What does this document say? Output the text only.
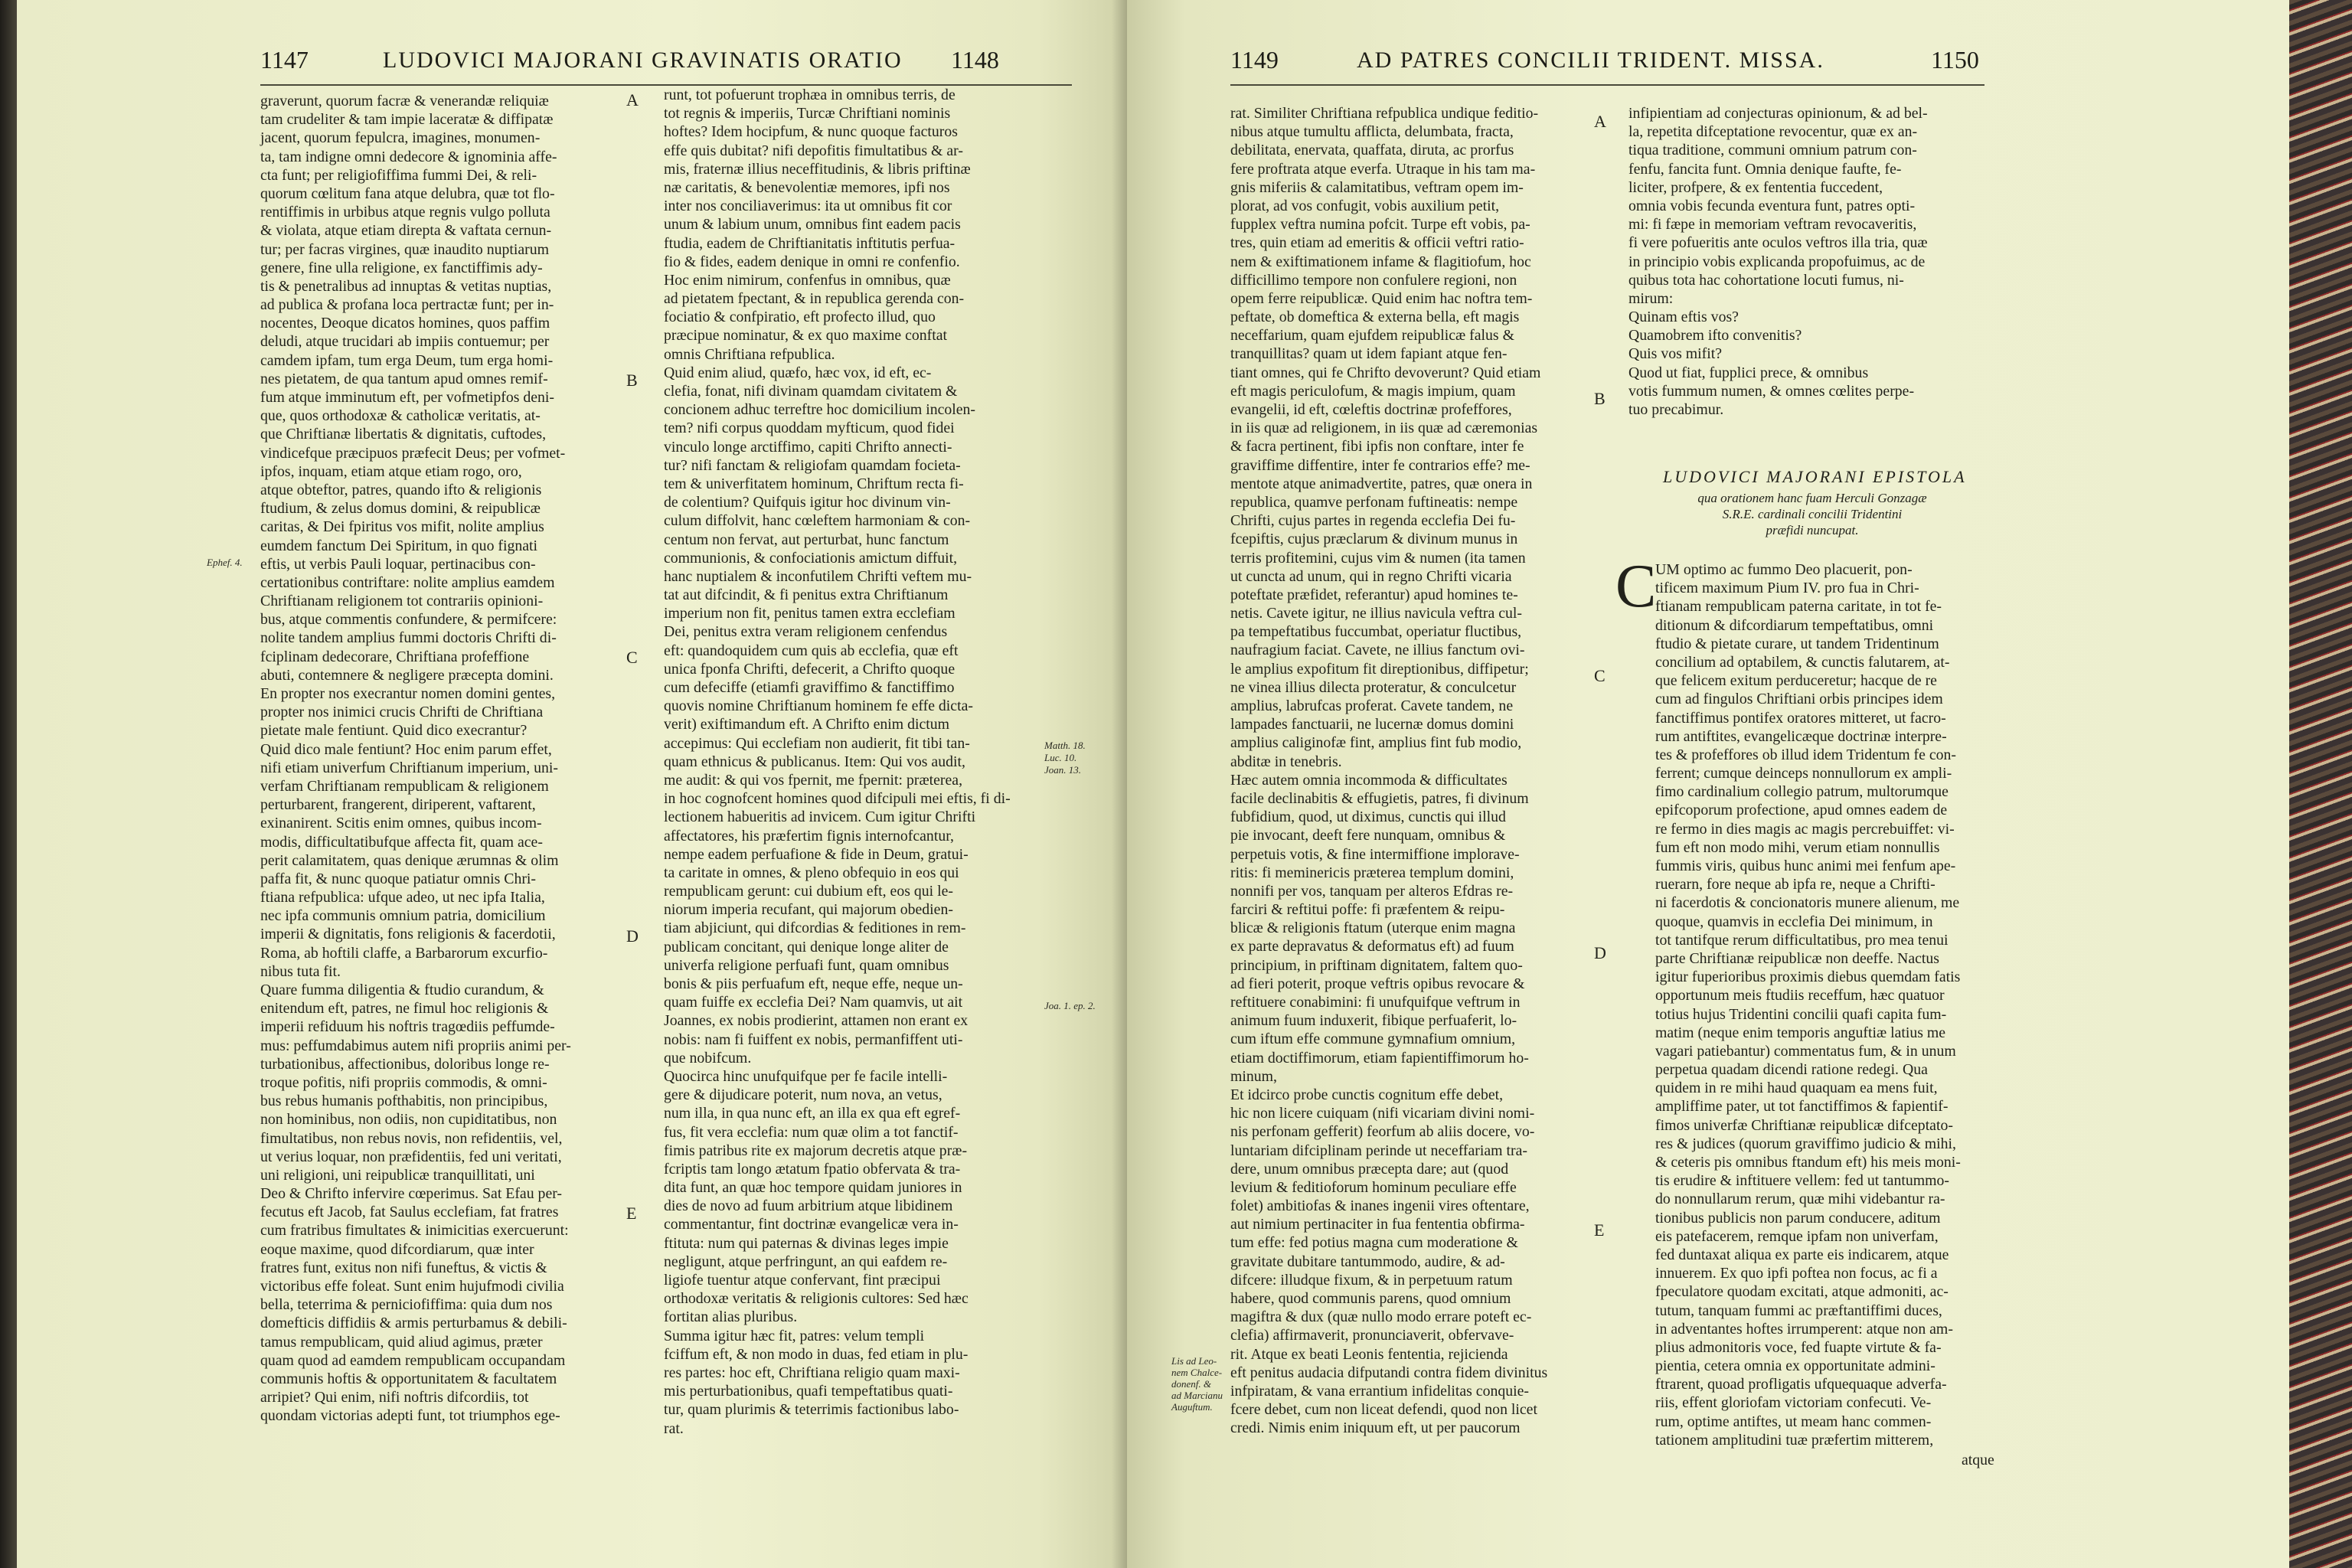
1147	LUDOVICI MAJORANI GRAVINATIS ORATIO 1148
graverunt, quorum facræ & venerandæ reliquiæ
tam crudeliter & tam impie laceratæ & diffipatæ
jacent, quorum fepulcra, imagines, monumen-
ta, tam indigne omni dedecore & ignominia affe-
cta funt; per religiofiffima fummi Dei, & reli-
quorum cœlitum fana atque delubra, quæ tot flo-
rentiffimis in urbibus atque regnis vulgo polluta
& violata, atque etiam direpta & vaftata cernun-
tur; per facras virgines, quæ inaudito nuptiarum
genere, fine ulla religione, ex fanctiffimis ady-
tis & penetralibus ad innuptas & vetitas nuptias,
ad publica & profana loca pertractæ funt; per in-
nocentes, Deoque dicatos homines, quos paffim
deludi, atque trucidari ab impiis contuemur; per
camdem ipfam, tum erga Deum, tum erga homi-
nes pietatem, de qua tantum apud omnes remif-
fum atque imminutum eft, per vofmetipfos deni-
que, quos orthodoxæ & catholicæ veritatis, at-
que Chriftianæ libertatis & dignitatis, cuftodes,
vindicefque præcipuos præfecit Deus; per vofmet-
ipfos, inquam, etiam atque etiam rogo, oro,
atque obteftor, patres, quando ifto & religionis
ftudium, & zelus domus domini, & reipublicæ
caritas, & Dei fpiritus vos mifit, nolite amplius
eumdem fanctum Dei Spiritum, in quo fignati
eftis, ut verbis Pauli loquar, pertinacibus con-
certationibus contriftare: nolite amplius eamdem
Chriftianam religionem tot contrariis opinioni-
bus, atque commentis confundere, & permifcere:
nolite tandem amplius fummi doctoris Chrifti di-
fciplinam dedecorare, Chriftiana profeffione
abuti, contemnere & negligere præcepta domini.
En propter nos execrantur nomen domini gentes,
propter nos inimici crucis Chrifti de Chriftiana
pietate male fentiunt. Quid dico execrantur?
Quid dico male fentiunt? Hoc enim parum effet,
nifi etiam univerfum Chriftianum imperium, uni-
verfam Chriftianam rempublicam & religionem
perturbarent, frangerent, diriperent, vaftarent,
exinanirent. Scitis enim omnes, quibus incom-
modis, difficultatibufque affecta fit, quam ace-
perit calamitatem, quas denique ærumnas & olim
paffa fit, & nunc quoque patiatur omnis Chri-
ftiana refpublica: ufque adeo, ut nec ipfa Italia,
nec ipfa communis omnium patria, domicilium
imperii & dignitatis, fons religionis & facerdotii,
Roma, ab hoftili claffe, a Barbarorum excurfio-
nibus tuta fit.
Quare fumma diligentia & ftudio curandum, &
enitendum eft, patres, ne fimul hoc religionis &
imperii refiduum his noftris tragœdiis peffumde-
mus: peffumdabimus autem nifi propriis animi per-
turbationibus, affectionibus, doloribus longe re-
troque pofitis, nifi propriis commodis, & omni-
bus rebus humanis pofthabitis, non principibus,
non hominibus, non odiis, non cupiditatibus, non
fimultatibus, non rebus novis, non refidentiis, vel,
ut verius loquar, non præfidentiis, fed uni veritati,
uni religioni, uni reipublicæ tranquillitati, uni
Deo & Chrifto infervire cœperimus. Sat Efau per-
fecutus eft Jacob, fat Saulus ecclefiam, fat fratres
cum fratribus fimultates & inimicitias exercuerunt:
eoque maxime, quod difcordiarum, quæ inter
fratres funt, exitus non nifi funeftus, & victis &
victoribus effe foleat. Sunt enim hujufmodi civilia
bella, teterrima & perniciofiffima: quia dum nos
domefticis diffidiis & armis perturbamus & debili-
tamus rempublicam, quid aliud agimus, præter
quam quod ad eamdem rempublicam occupandam
communis hoftis & opportunitatem & facultatem
arripiet? Qui enim, nifi noftris difcordiis, tot
quondam victorias adepti funt, tot triumphos ege-
runt, tot pofuerunt trophæa in omnibus terris, de
tot regnis & imperiis, Turcæ Chriftiani nominis
hoftes? Idem hocipfum, & nunc quoque facturos
effe quis dubitat? nifi depofitis fimultatibus & ar-
mis, fraternæ illius neceffitudinis, & libris priftinæ
næ caritatis, & benevolentiæ memores, ipfi nos
inter nos conciliaverimus: ita ut omnibus fit cor
unum & labium unum, omnibus fint eadem pacis
ftudia, eadem de Chriftianitatis inftitutis perfua-
fio & fides, eadem denique in omni re confenfio.
Hoc enim nimirum, confenfus in omnibus, quæ
ad pietatem fpectant, & in republica gerenda con-
fociatio & confpiratio, eft profecto illud, quo
præcipue nominatur, & ex quo maxime conftat
omnis Chriftiana refpublica.
Quid enim aliud, quæfo, hæc vox, id eft, ec-
clefia, fonat, nifi divinam quamdam civitatem &
concionem adhuc terreftre hoc domicilium incolen-
tem? nifi corpus quoddam myfticum, quod fidei
vinculo longe arctiffimo, capiti Chrifto annecti-
tur? nifi fanctam & religiofam quamdam focieta-
tem & univerfitatem hominum, Chriftum recta fi-
de colentium? Quifquis igitur hoc divinum vin-
culum diffolvit, hanc cœleftem harmoniam & con-
centum non fervat, aut perturbat, hunc fanctum
communionis, & confociationis amictum diffuit,
hanc nuptialem & inconfutilem Chrifti veftem mu-
tat aut difcindit, & fi penitus extra Chriftianum
imperium non fit, penitus tamen extra ecclefiam
Dei, penitus extra veram religionem cenfendus
eft: quandoquidem cum quis ab ecclefia, quæ eft
unica fponfa Chrifti, defecerit, a Chrifto quoque
cum defeciffe (etiamfi graviffimo & fanctiffimo
quovis nomine Chriftianum hominem fe effe dicta-
verit) exiftimandum eft. A Chrifto enim dictum
accepimus: Qui ecclefiam non audierit, fit tibi tan-
quam ethnicus & publicanus. Item: Qui vos audit,
me audit: & qui vos fpernit, me fpernit: præterea,
in hoc cognofcent homines quod difcipuli mei eftis, fi di-
lectionem habueritis ad invicem. Cum igitur Chrifti
affectatores, his præfertim fignis internofcantur,
nempe eadem perfuafione & fide in Deum, gratui-
ta caritate in omnes, & pleno obfequio in eos qui
rempublicam gerunt: cui dubium eft, eos qui le-
niorum imperia recufant, qui majorum obedien-
tiam abjiciunt, qui difcordias & feditiones in rem-
publicam concitant, qui denique longe aliter de
univerfa religione perfuafi funt, quam omnibus
bonis & piis perfuafum eft, neque effe, neque un-
quam fuiffe ex ecclefia Dei? Nam quamvis, ut ait
Joannes, ex nobis prodierint, attamen non erant ex
nobis: nam fi fuiffent ex nobis, permanfiffent uti-
que nobifcum.
Quocirca hinc unufquifque per fe facile intelli-
gere & dijudicare poterit, num nova, an vetus,
num illa, in qua nunc eft, an illa ex qua eft egref-
fus, fit vera ecclefia: num quæ olim a tot fanctif-
fimis patribus rite ex majorum decretis atque præ-
fcriptis tam longo ætatum fpatio obfervata & tra-
dita funt, an quæ hoc tempore quidam juniores in
dies de novo ad fuum arbitrium atque libidinem
commentantur, fint doctrinæ evangelicæ vera in-
ftituta: num qui paternas & divinas leges impie
negligunt, atque perfringunt, an qui eafdem re-
ligiofe tuentur atque confervant, fint præcipui
orthodoxæ veritatis & religionis cultores: Sed hæc
fortitan alias pluribus.
Summa igitur hæc fit, patres: velum templi
fciffum eft, & non modo in duas, fed etiam in plu-
res partes: hoc eft, Chriftiana religio quam maxi-
mis perturbationibus, quafi tempeftatibus quati-
tur, quam plurimis & teterrimis factionibus labo-
rat.
A
B
C
D
E
Ephef. 4.
Matth. 18.
Luc. 10.
Joan. 13.
Joa. 1. ep. 2.
1149	AD PATRES CONCILII TRIDENT. MISSA.	1150
rat. Similiter Chriftiana refpublica undique feditio-
nibus atque tumultu afflicta, delumbata, fracta,
debilitata, enervata, quaffata, diruta, ac prorfus
fere proftrata atque everfa. Utraque in his tam ma-
gnis miferiis & calamitatibus, veftram opem im-
plorat, ad vos confugit, vobis auxilium petit,
fupplex veftra numina pofcit. Turpe eft vobis, pa-
tres, quin etiam ad emeritis & officii veftri ratio-
nem & exiftimationem infame & flagitiofum, hoc
difficillimo tempore non confulere regioni, non
opem ferre reipublicæ. Quid enim hac noftra tem-
peftate, ob domeftica & externa bella, eft magis
neceffarium, quam ejufdem reipublicæ falus &
tranquillitas? quam ut idem fapiant atque fen-
tiant omnes, qui fe Chrifto devoverunt? Quid etiam
eft magis periculofum, & magis impium, quam
evangelii, id eft, cœleftis doctrinæ profeffores,
in iis quæ ad religionem, in iis quæ ad cæremonias
& facra pertinent, fibi ipfis non conftare, inter fe
graviffime diffentire, inter fe contrarios effe? me-
mentote atque animadvertite, patres, quæ onera in
republica, quamve perfonam fuftineatis: nempe
Chrifti, cujus partes in regenda ecclefia Dei fu-
fcepiftis, cujus præclarum & divinum munus in
terris profitemini, cujus vim & numen (ita tamen
ut cuncta ad unum, qui in regno Chrifti vicaria
poteftate præfidet, referantur) apud homines te-
netis. Cavete igitur, ne illius navicula veftra cul-
pa tempeftatibus fuccumbat, operiatur fluctibus,
naufragium faciat. Cavete, ne illius fanctum ovi-
le amplius expofitum fit direptionibus, diffipetur;
ne vinea illius dilecta proteratur, & conculcetur
amplius, labrufcas proferat. Cavete tandem, ne
lampades fanctuarii, ne lucernæ domus domini
amplius caliginofæ fint, amplius fint fub modio,
abditæ in tenebris.
Hæc autem omnia incommoda & difficultates
facile declinabitis & effugietis, patres, fi divinum
fubfidium, quod, ut diximus, cunctis qui illud
pie invocant, deeft fere nunquam, omnibus &
perpetuis votis, & fine intermiffione implorave-
ritis: fi meminericis præterea templum domini,
nonnifi per vos, tanquam per alteros Efdras re-
farciri & reftitui poffe: fi præfentem & reipu-
blicæ & religionis ftatum (uterque enim magna
ex parte depravatus & deformatus eft) ad fuum
principium, in priftinam dignitatem, faltem quo-
ad fieri poterit, proque veftris opibus revocare &
reftituere conabimini: fi unufquifque veftrum in
animum fuum induxerit, fibique perfuaferit, lo-
cum iftum effe commune gymnafium omnium,
etiam doctiffimorum, etiam fapientiffimorum ho-
minum,
Et idcirco probe cunctis cognitum effe debet,
hic non licere cuiquam (nifi vicariam divini nomi-
nis perfonam gefferit) feorfum ab aliis docere, vo-
luntariam difciplinam perinde ut neceffariam tra-
dere, unum omnibus præcepta dare; aut (quod
levium & feditioforum hominum peculiare effe
folet) ambitiofas & inanes ingenii vires oftentare,
aut nimium pertinaciter in fua fententia obfirma-
tum effe: fed potius magna cum moderatione &
gravitate dubitare tantummodo, audire, & ad-
difcere: illudque fixum, & in perpetuum ratum
habere, quod communis parens, quod omnium
magiftra & dux (quæ nullo modo errare poteft ec-
clefia) affirmaverit, pronunciaverit, obfervave-
rit. Atque ex beati Leonis fententia, rejicienda
eft penitus audacia difputandi contra fidem divinitus
infpiratam, & vana errantium infidelitas conquie-
fcere debet, cum non liceat defendi, quod non licet
credi. Nimis enim iniquum eft, ut per paucorum
infipientiam ad conjecturas opinionum, & ad bel-
la, repetita difceptatione revocentur, quæ ex an-
tiqua traditione, communi omnium patrum con-
fenfu, fancita funt. Omnia denique faufte, fe-
liciter, profpere, & ex fententia fuccedent,
omnia vobis fecunda eventura funt, patres opti-
mi: fi fæpe in memoriam veftram revocaveritis,
fi vere pofueritis ante oculos veftros illa tria, quæ
in principio vobis explicanda propofuimus, ac de
quibus tota hac cohortatione locuti fumus, ni-
mirum:
Quinam eftis vos?
Quamobrem ifto convenitis?
Quis vos mifit?
Quod ut fiat, fupplici prece, & omnibus
votis fummum numen, & omnes cœlites perpe-
tuo precabimur.
LUDOVICI MAJORANI EPISTOLA
qua orationem hanc fuam Herculi Gonzagæ
S.R.E. cardinali concilii Tridentini
præfidi nuncupat.
C
UM optimo ac fummo Deo placuerit, pon-
tificem maximum Pium IV. pro fua in Chri-
ftianam rempublicam paterna caritate, in tot fe-
ditionum & difcordiarum tempeftatibus, omni
ftudio & pietate curare, ut tandem Tridentinum
concilium ad optabilem, & cunctis falutarem, at-
que felicem exitum perduceretur; hacque de re
cum ad fingulos Chriftiani orbis principes idem
fanctiffimus pontifex oratores mitteret, ut facro-
rum antiftites, evangelicæque doctrinæ interpre-
tes & profeffores ob illud idem Tridentum fe con-
ferrent; cumque deinceps nonnullorum ex ampli-
fimo cardinalium collegio patrum, multorumque
epifcoporum profectione, apud omnes eadem de
re fermo in dies magis ac magis percrebuiffet: vi-
fum eft non modo mihi, verum etiam nonnullis
fummis viris, quibus hunc animi mei fenfum ape-
ruerarn, fore neque ab ipfa re, neque a Chrifti-
ni facerdotis & concionatoris munere alienum, me
quoque, quamvis in ecclefia Dei minimum, in
tot tantifque rerum difficultatibus, pro mea tenui
parte Chriftianæ reipublicæ non deeffe. Nactus
igitur fuperioribus proximis diebus quemdam fatis
opportunum meis ftudiis receffum, hæc quatuor
totius hujus Tridentini concilii quafi capita fum-
matim (neque enim temporis anguftiæ latius me
vagari patiebantur) commentatus fum, & in unum
perpetua quadam dicendi ratione redegi. Qua
quidem in re mihi haud quaquam ea mens fuit,
ampliffime pater, ut tot fanctiffimos & fapientif-
fimos univerfæ Chriftianæ reipublicæ difceptato-
res & judices (quorum graviffimo judicio & mihi,
& ceteris pis omnibus ftandum eft) his meis moni-
tis erudire & inftituere vellem: fed ut tantummo-
do nonnullarum rerum, quæ mihi videbantur ra-
tionibus publicis non parum conducere, aditum
eis patefacerem, remque ipfam non univerfam,
fed duntaxat aliqua ex parte eis indicarem, atque
innuerem. Ex quo ipfi poftea non focus, ac fi a
fpeculatore quodam excitati, atque admoniti, ac-
tutum, tanquam fummi ac præftantiffimi duces,
in adventantes hoftes irrumperent: atque non am-
plius admonitoris voce, fed fuapte virtute & fa-
pientia, cetera omnia ex opportunitate admini-
ftrarent, quoad profligatis ufquequaque adverfa-
riis, effent gloriofam victoriam confecuti. Ve-
rum, optime antiftes, ut meam hanc commen-
tationem amplitudini tuæ præfertim mitterem,
atque
A
B
C
D
E
Lis ad Leo-
nem Chalce-
donenf. &
ad Marcianu
Auguftum.
